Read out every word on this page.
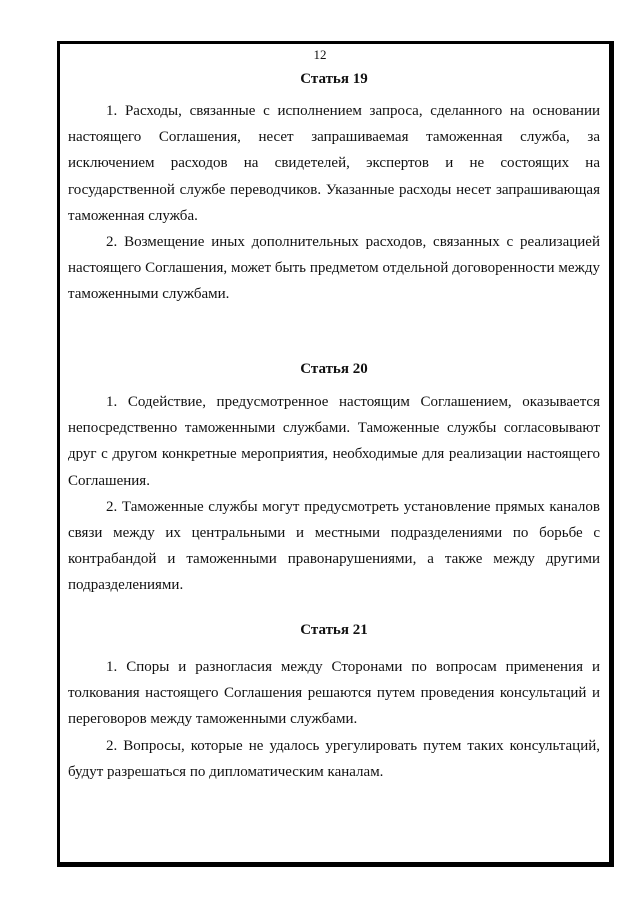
12
Статья 19

1. Расходы, связанные с исполнением запроса, сделанного на основании настоящего Соглашения, несет запрашиваемая таможенная служба, за исключением расходов на свидетелей, экспертов и не состоящих на государственной службе переводчиков. Указанные расходы несет запрашивающая таможенная служба.

2. Возмещение иных дополнительных расходов, связанных с реализацией настоящего Соглашения, может быть предметом отдельной договоренности между таможенными службами.

Статья 20

1. Содействие, предусмотренное настоящим Соглашением, оказывается непосредственно таможенными службами. Таможенные службы согласовывают друг с другом конкретные мероприятия, необходимые для реализации настоящего Соглашения.

2. Таможенные службы могут предусмотреть установление прямых каналов связи между их центральными и местными подразделениями по борьбе с контрабандой и таможенными правонарушениями, а также между другими подразделениями.

Статья 21

1. Споры и разногласия между Сторонами по вопросам применения и толкования настоящего Соглашения решаются путем проведения консультаций и переговоров между таможенными службами.

2. Вопросы, которые не удалось урегулировать путем таких консультаций, будут разрешаться по дипломатическим каналам.
